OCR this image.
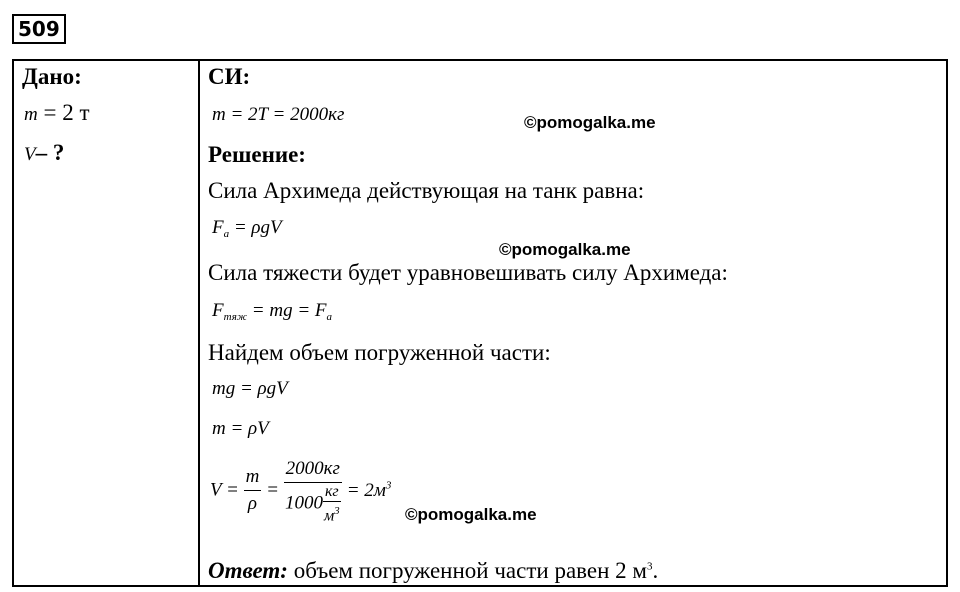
509
Дано:
m = 2 т
V– ?
СИ:
m = 2T = 2000кг	©pomogalka.me
Решение:
Сила Архимеда действующая на танк равна:
$F_а = \rho gV$
©pomogalka.me
Сила тяжести будет уравновешивать силу Архимеда:
$F_{тяж}$ = mg = $F_а$
Найдем объем погруженной части:
mg = ρgV
m = ρV
$V = \frac{m}{\rho} = 2000кг$
1000
кг
$м^3 = 2м^3$
©pomogalka.me
Ответ: объем погруженной части равен 2 $м^3$.
